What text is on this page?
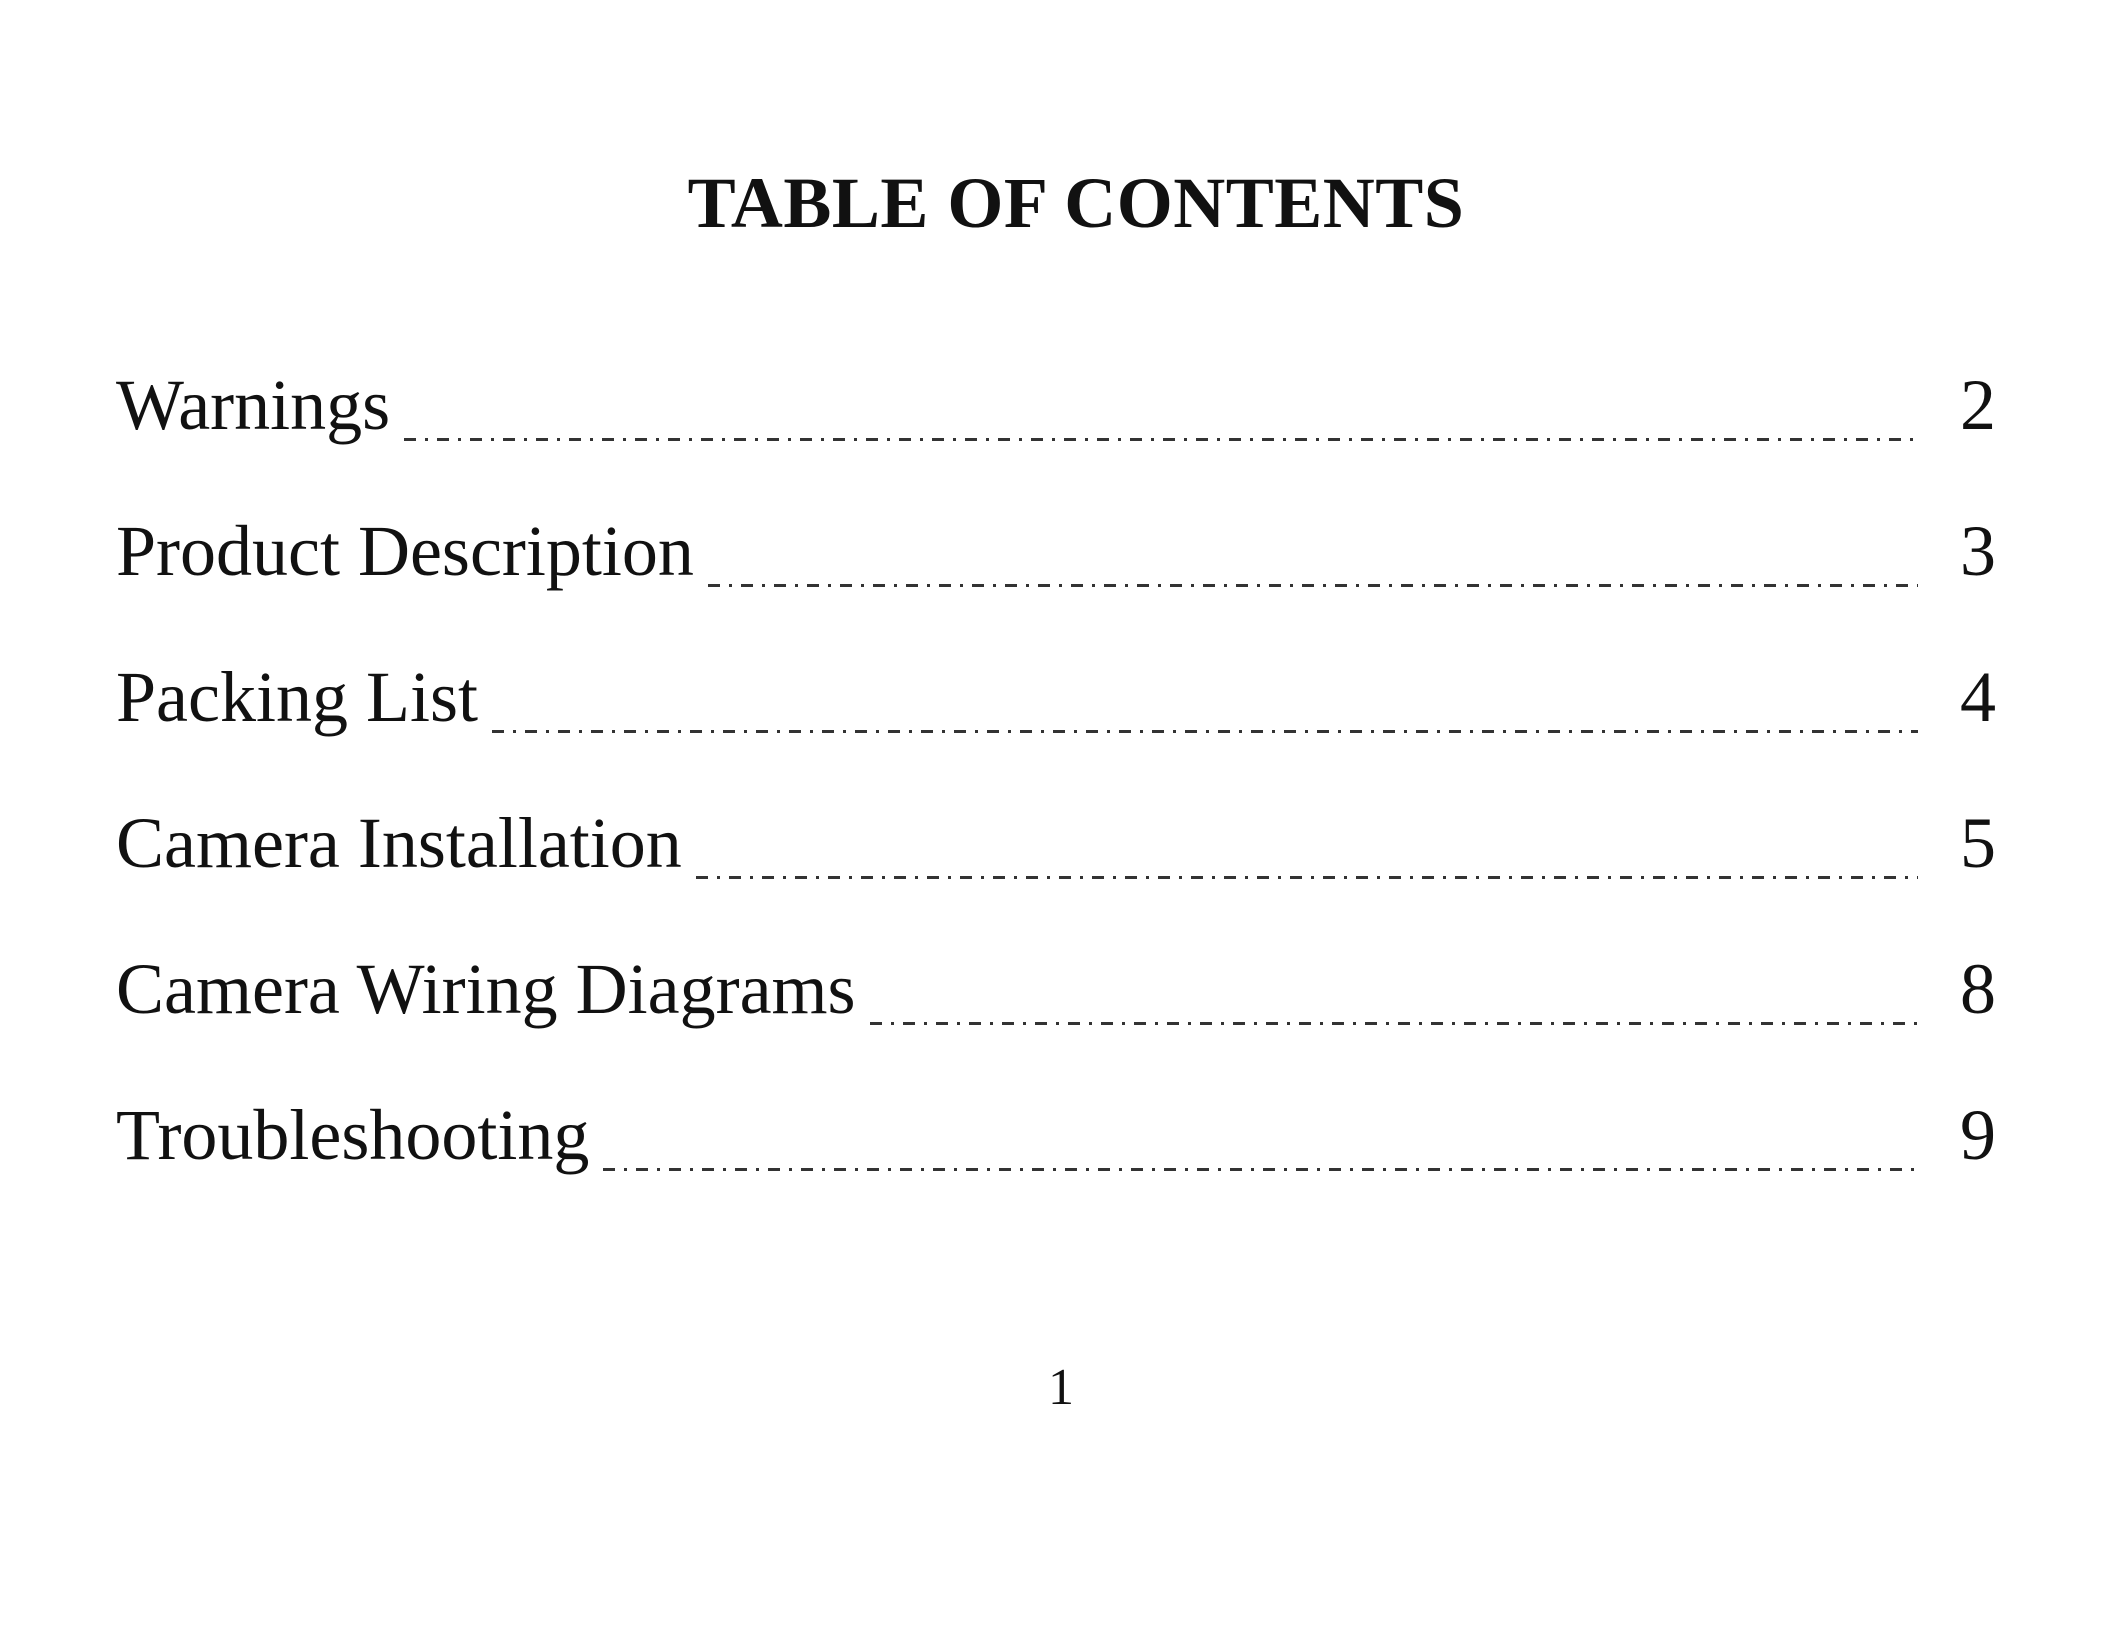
TABLE OF CONTENTS
Warnings	2
Product Description	3
Packing List	4
Camera Installation	5
Camera Wiring Diagrams	8
Troubleshooting	9
1
